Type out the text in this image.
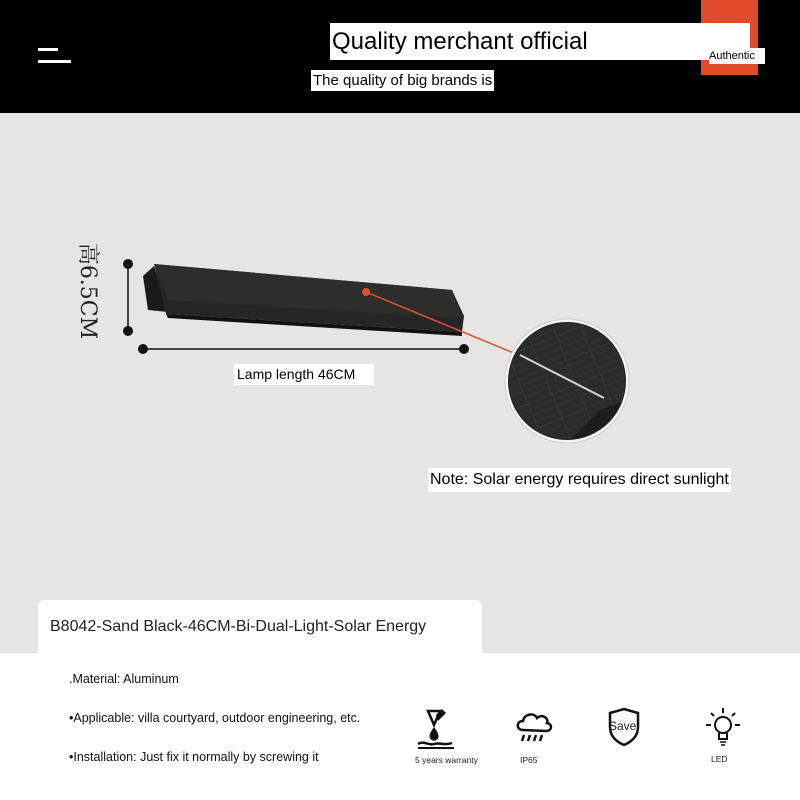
Quality merchant official
Authentic
The quality of big brands is
高6.5CM
Lamp length 46CM
Note: Solar energy requires direct sunlight
B8042-Sand Black-46CM-Bi-Dual-Light-Solar Energy
.Material: Aluminum
•Applicable: villa courtyard, outdoor engineering, etc.
•Installation: Just fix it normally by screwing it	5 years warranty	IP65
Save
LED
